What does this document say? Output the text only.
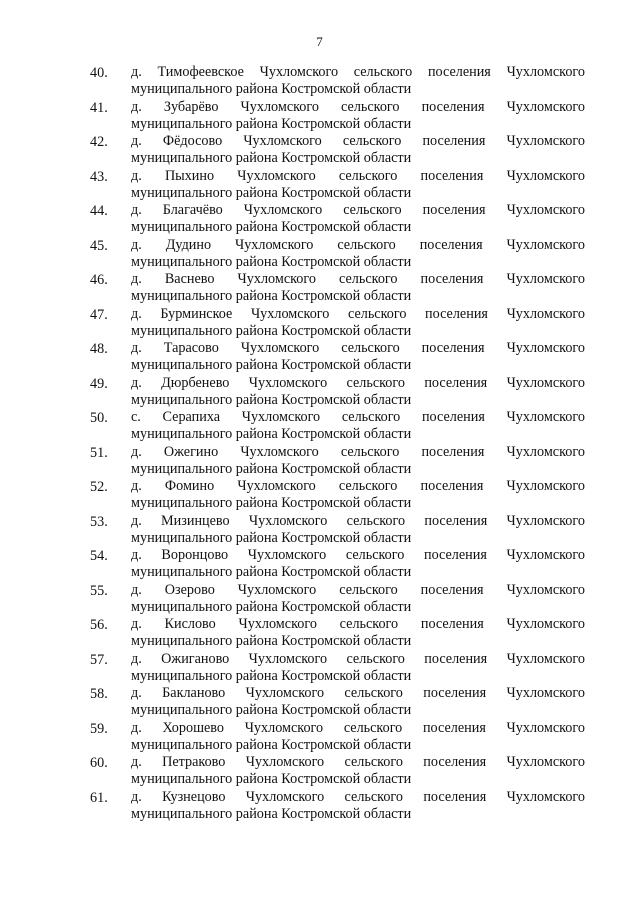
7
40.	д. Тимофеевское Чухломского сельского поселения Чухломского
муниципального района Костромской области
41.	д. Зубарёво Чухломского сельского поселения Чухломского
муниципального района Костромской области
42.	д. Фёдосово Чухломского сельского поселения Чухломского
муниципального района Костромской области
43.	д. Пыхино Чухломского сельского поселения Чухломского
муниципального района Костромской области
44.	д. Благачёво Чухломского сельского поселения Чухломского
муниципального района Костромской области
45.	д. Дудино Чухломского сельского поселения Чухломского
муниципального района Костромской области
46.	д. Васнево Чухломского сельского поселения Чухломского
муниципального района Костромской области
47.	д. Бурминское Чухломского сельского поселения Чухломского
муниципального района Костромской области
48.	д. Тарасово Чухломского сельского поселения Чухломского
муниципального района Костромской области
49.	д. Дюрбенево Чухломского сельского поселения Чухломского
муниципального района Костромской области
50.	с. Серапиха Чухломского сельского поселения Чухломского
муниципального района Костромской области
51.	д. Ожегино Чухломского сельского поселения Чухломского
муниципального района Костромской области
52.	д. Фомино Чухломского сельского поселения Чухломского
муниципального района Костромской области
53.	д. Мизинцево Чухломского сельского поселения Чухломского
муниципального района Костромской области
54.	д. Воронцово Чухломского сельского поселения Чухломского
муниципального района Костромской области
55.	д. Озерово Чухломского сельского поселения Чухломского
муниципального района Костромской области
56.	д. Кислово Чухломского сельского поселения Чухломского
муниципального района Костромской области
57.	д. Ожиганово Чухломского сельского поселения Чухломского
муниципального района Костромской области
58.	д. Бакланово Чухломского сельского поселения Чухломского
муниципального района Костромской области
59.	д. Хорошево Чухломского сельского поселения Чухломского
муниципального района Костромской области
60.	д. Петраково Чухломского сельского поселения Чухломского
муниципального района Костромской области
61.	д. Кузнецово Чухломского сельского поселения Чухломского
муниципального района Костромской области
